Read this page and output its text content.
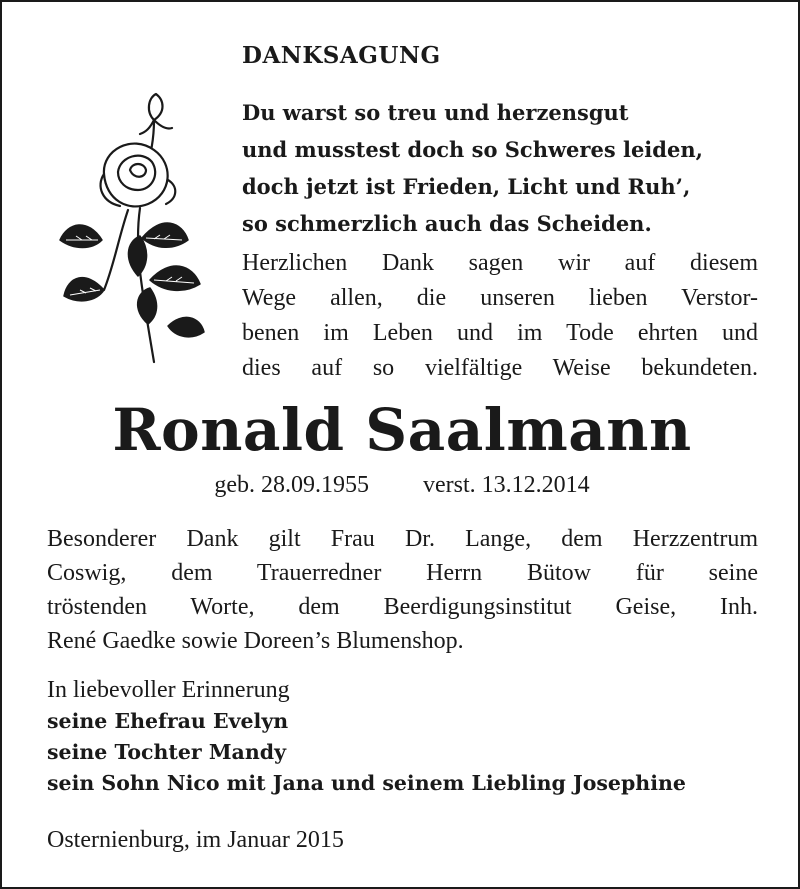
DANKSAGUNG
Du warst so treu und herzensgut
und musstest doch so Schweres leiden,
doch jetzt ist Frieden, Licht und Ruh’,
so schmerzlich auch das Scheiden.
Herzlichen Dank sagen wir auf diesem
Wege allen, die unseren lieben Verstor-
benen im Leben und im Tode ehrten und
dies auf so vielfältige Weise bekundeten.
Ronald Saalmann
geb. 28.09.1955 verst. 13.12.2014
Besonderer Dank gilt Frau Dr. Lange, dem Herzzentrum
Coswig, dem Trauerredner Herrn Bütow für seine
tröstenden Worte, dem Beerdigungsinstitut Geise, Inh.
René Gaedke sowie Doreen’s Blumenshop.
In liebevoller Erinnerung
seine Ehefrau Evelyn
seine Tochter Mandy
sein Sohn Nico mit Jana und seinem Liebling Josephine
Osternienburg, im Januar 2015
